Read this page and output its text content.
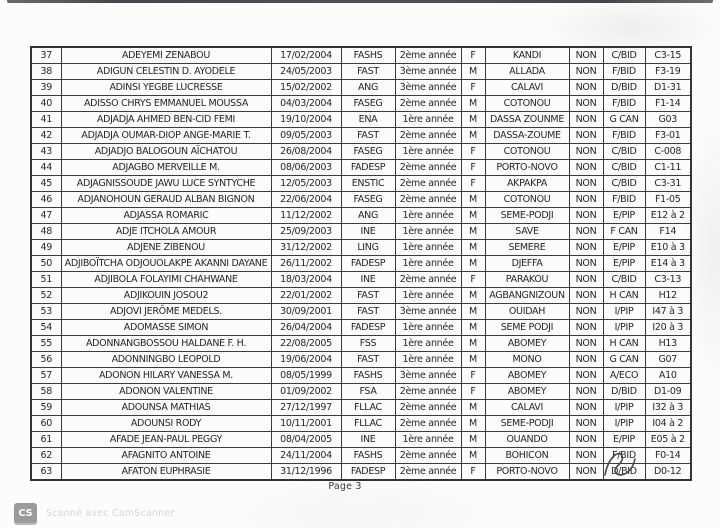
37	ADEYEMI ZENABOU	17/02/2004	FASHS	2ème année	F	KANDI	NON	C/BID	C3-15
38	ADIGUN CELESTIN D. AYODELE	24/05/2003	FAST	3ème année	M	ALLADA	NON	F/BID	F3-19
39	ADINSI YEGBE LUCRESSE	15/02/2002	ANG	3ème année	F	CALAVI	NON	D/BID	D1-31
40	ADISSO CHRYS EMMANUEL MOUSSA	04/03/2004	FASEG	2ème année	M	COTONOU	NON	F/BID	F1-14
41	ADJADJA AHMED BEN-CID FEMI	19/10/2004	ENA	1ère année	M	DASSA ZOUNME	NON	G CAN	G03
42	ADJADJA OUMAR-DIOP ANGE-MARIE T.	09/05/2003	FAST	2ème année	M	DASSA-ZOUME	NON	F/BID	F3-01
43	ADJADJO BALOGOUN AÏCHATOU	26/08/2004	FASEG	1ère année	F	COTONOU	NON	C/BID	C-008
44	ADJAGBO MERVEILLE M.	08/06/2003	FADESP	2ème année	F	PORTO-NOVO	NON	C/BID	C1-11
45	ADJAGNISSOUDE JAWU LUCE SYNTYCHE	12/05/2003	ENSTIC	2ème année	F	AKPAKPA	NON	C/BID	C3-31
46	ADJANOHOUN GERAUD ALBAN BIGNON	22/06/2004	FASEG	2ème année	M	COTONOU	NON	F/BID	F1-05
47	ADJASSA ROMARIC	11/12/2002	ANG	1ère année	M	SEME-PODJI	NON	E/PIP	E12 à 2
48	ADJE ITCHOLA AMOUR	25/09/2003	INE	1ère année	M	SAVE	NON	F CAN	F14
49	ADJENE ZIBENOU	31/12/2002	LING	1ère année	M	SEMERE	NON	E/PIP	E10 à 3
50	ADJIBOÏTCHA ODJOUOLAKPE AKANNI DAYANE	26/11/2002	FADESP	1ère année	M	DJEFFA	NON	E/PIP	E14 à 3
51	ADJIBOLA FOLAYIMI CHAHWANE	18/03/2004	INE	2ème année	F	PARAKOU	NON	C/BID	C3-13
52	ADJIKOUIN JOSOU2	22/01/2002	FAST	1ère année	M	AGBANGNIZOUN	NON	H CAN	H12
53	ADJOVI JERÔME MEDELS.	30/09/2001	FAST	3ème année	M	OUIDAH	NON	I/PIP	I47 à 3
54	ADOMASSE SIMON	26/04/2004	FADESP	1ère année	M	SEME PODJI	NON	I/PIP	I20 à 3
55	ADONNANGBOSSOU HALDANE F. H.	22/08/2005	FSS	1ère année	M	ABOMEY	NON	H CAN	H13
56	ADONNINGBO LEOPOLD	19/06/2004	FAST	1ère année	M	MONO	NON	G CAN	G07
57	ADONON HILARY VANESSA M.	08/05/1999	FASHS	3ème année	F	ABOMEY	NON	A/ECO	A10
58	ADONON VALENTINE	01/09/2002	FSA	2ème année	F	ABOMEY	NON	D/BID	D1-09
59	ADOUNSA MATHIAS	27/12/1997	FLLAC	2ème année	M	CALAVI	NON	I/PIP	I32 à 3
60	ADOUNSI RODY	10/11/2001	FLLAC	2ème année	M	SEME-PODJI	NON	I/PIP	I04 à 2
61	AFADE JEAN-PAUL PEGGY	08/04/2005	INE	1ère année	M	OUANDO	NON	E/PIP	E05 à 2
62	AFAGNITO ANTOINE	24/11/2004	FASHS	2ème année	M	BOHICON	NON	F/BID	F0-14
63	AFATON EUPHRASIE	31/12/1996	FADESP	2ème année	F	PORTO-NOVO	NON	D/BID	D0-12
Page 3
CS	Scanné avec CamScanner
